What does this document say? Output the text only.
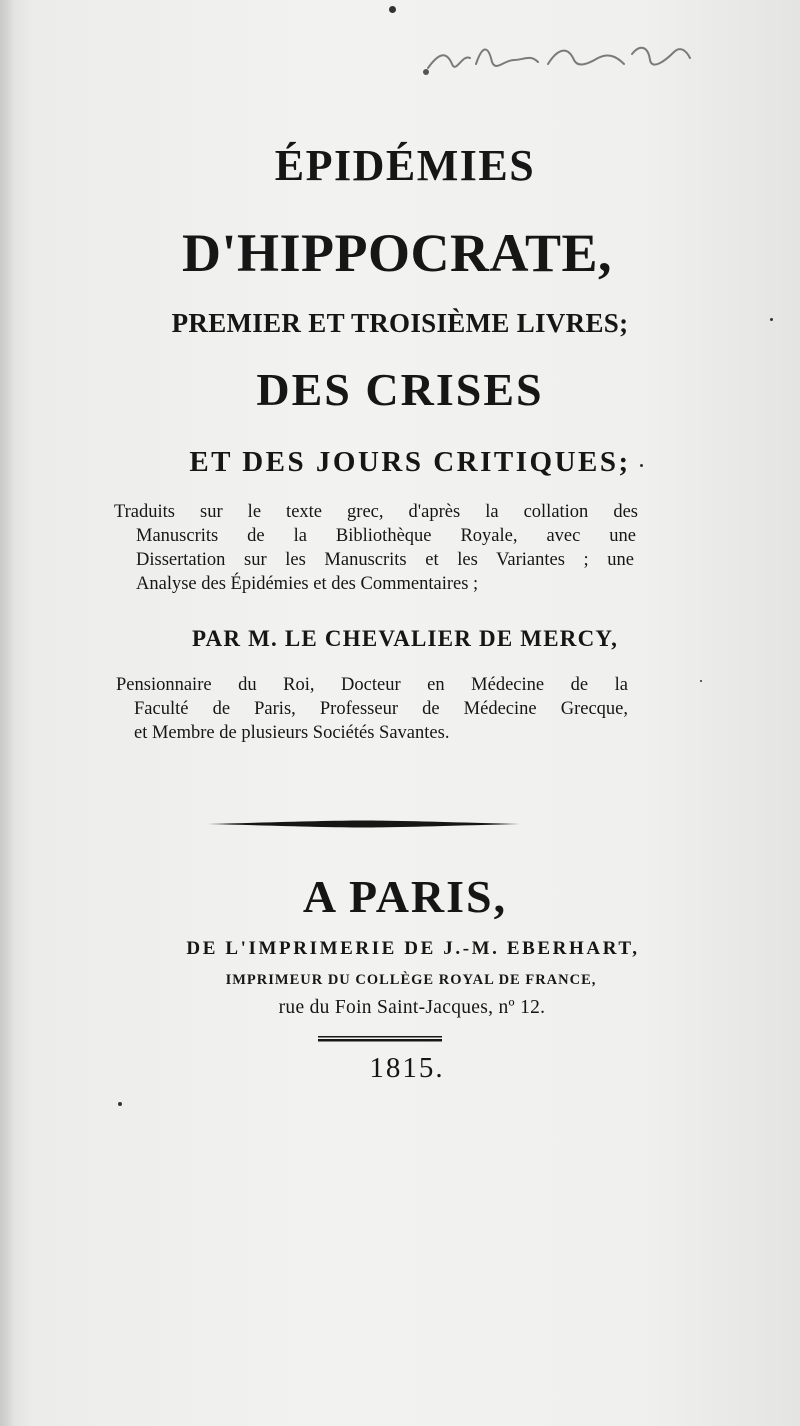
ÉPIDÉMIES
D'HIPPOCRATE,
PREMIER ET TROISIÈME LIVRES;
DES CRISES
ET DES JOURS CRITIQUES;
Traduits sur le texte grec, d'après la collation des
Manuscrits de la Bibliothèque Royale, avec une
Dissertation sur les Manuscrits et les Variantes ; une
Analyse des Épidémies et des Commentaires ;
PAR M. LE CHEVALIER DE MERCY,
Pensionnaire du Roi, Docteur en Médecine de la
Faculté de Paris, Professeur de Médecine Grecque,
et Membre de plusieurs Sociétés Savantes.
A PARIS,
DE L'IMPRIMERIE DE J.-M. EBERHART,
IMPRIMEUR DU COLLÈGE ROYAL DE FRANCE,
rue du Foin Saint-Jacques, nº 12.
1815.
